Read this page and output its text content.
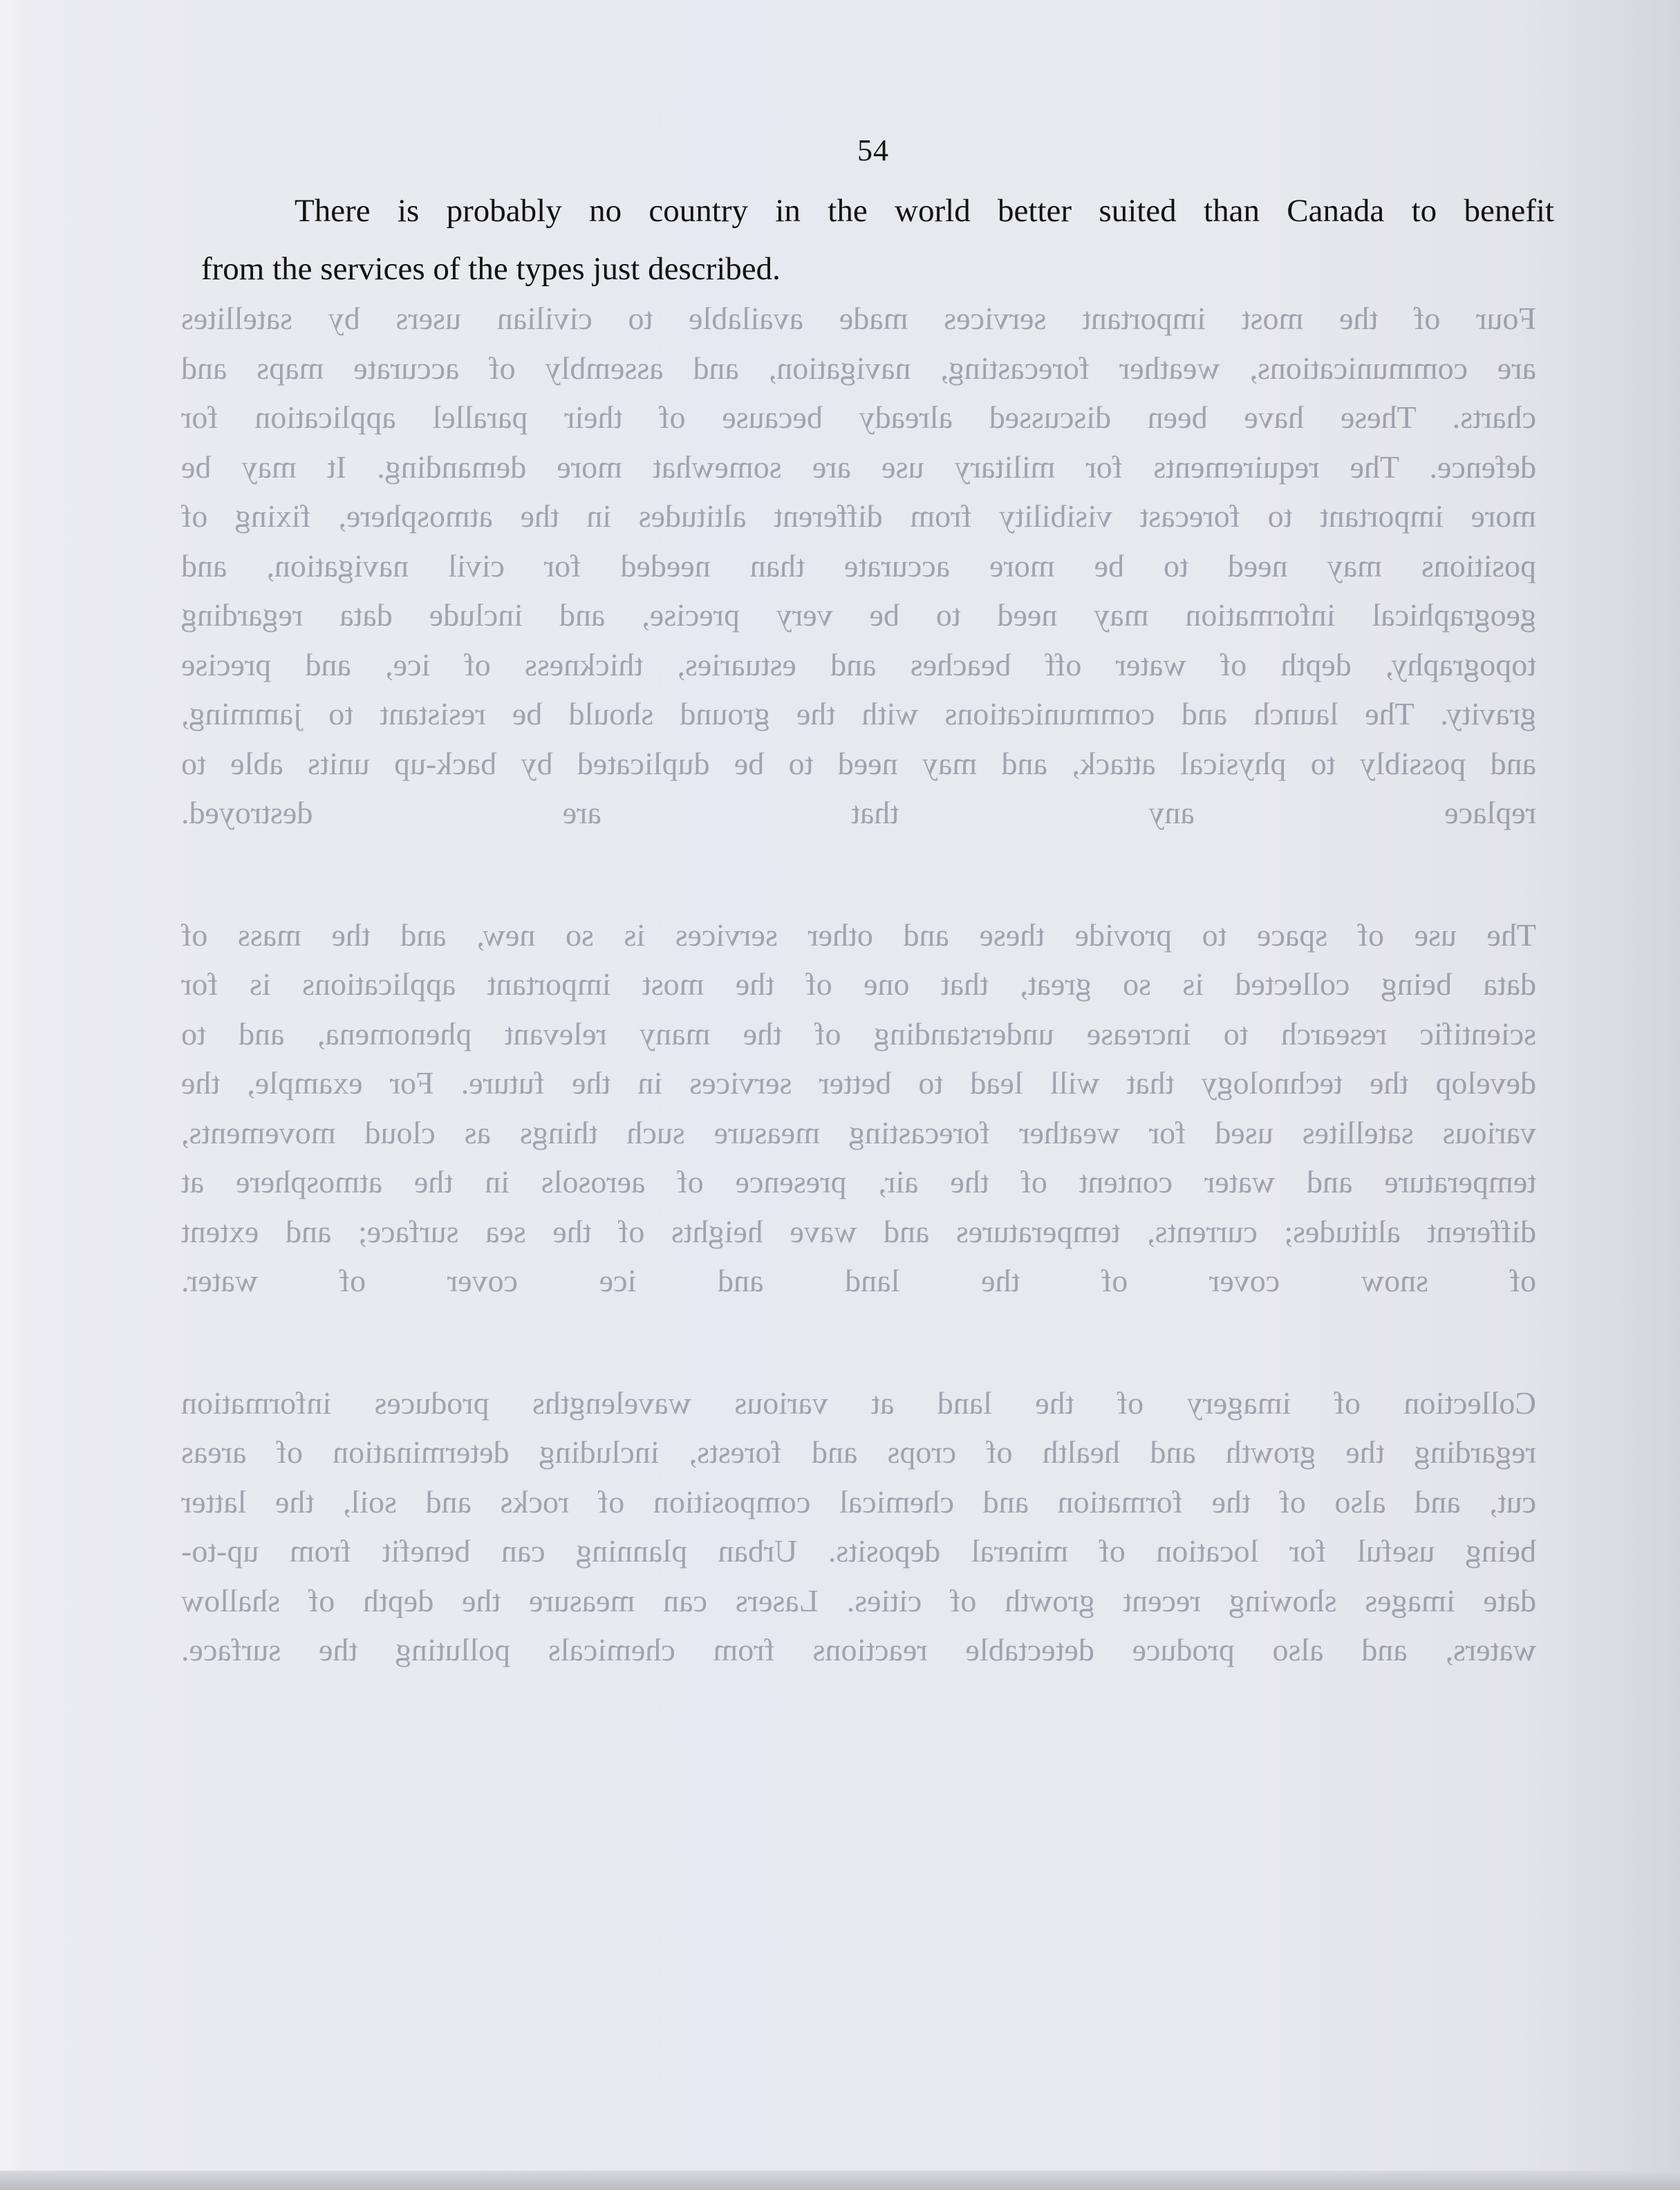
Four of the most important services made available to civilian users by satellites
are communications, weather forecasting, navigation, and assembly of accurate maps and
charts. These have been discussed already because of their parallel application for
defence. The requirements for military use are somewhat more demanding. It may be
more important to forecast visibility from different altitudes in the atmosphere, fixing of
positions may need to be more accurate than needed for civil navigation, and
geographical information may need to be very precise, and include data regarding
topography, depth of water off beaches and estuaries, thickness of ice, and precise
gravity. The launch and communications with the ground should be resistant to jamming,
and possibly to physical attack, and may need to be duplicated by back-up units able to
replace any that are destroyed.
The use of space to provide these and other services is so new, and the mass of
data being collected is so great, that one of the most important applications is for
scientific research to increase understanding of the many relevant phenomena, and to
develop the technology that will lead to better services in the future. For example, the
various satellites used for weather forecasting measure such things as cloud movements,
temperature and water content of the air, presence of aerosols in the atmosphere at
different altitudes; currents, temperatures and wave heights of the sea surface; and extent
of snow cover of the land and ice cover of water.
Collection of imagery of the land at various wavelengths produces information
regarding the growth and health of crops and forests, including determination of areas
cut, and also of the formation and chemical composition of rocks and soil, the latter
being useful for location of mineral deposits. Urban planning can benefit from up-to-
date images showing recent growth of cities. Lasers can measure the depth of shallow
waters, and also produce detectable reactions from chemicals polluting the surface.
54
There is probably no country in the world better suited than Canada to benefit
from the services of the types just described.
